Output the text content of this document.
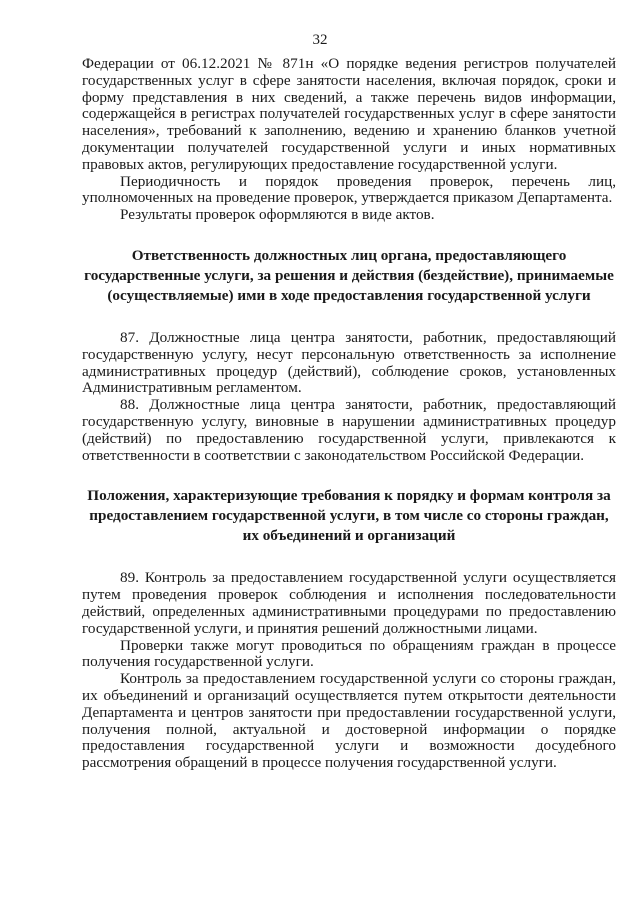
32

Федерации от 06.12.2021 № 871н «О порядке ведения регистров получателей государственных услуг в сфере занятости населения, включая порядок, сроки и форму представления в них сведений, а также перечень видов информации, содержащейся в регистрах получателей государственных услуг в сфере занятости населения», требований к заполнению, ведению и хранению бланков учетной документации получателей государственной услуги и иных нормативных правовых актов, регулирующих предоставление государственной услуги.

Периодичность и порядок проведения проверок, перечень лиц, уполномоченных на проведение проверок, утверждается приказом Департамента.

Результаты проверок оформляются в виде актов.

Ответственность должностных лиц органа, предоставляющего государственные услуги, за решения и действия (бездействие), принимаемые (осуществляемые) ими в ходе предоставления государственной услуги

87. Должностные лица центра занятости, работник, предоставляющий государственную услугу, несут персональную ответственность за исполнение административных процедур (действий), соблюдение сроков, установленных Административным регламентом.

88. Должностные лица центра занятости, работник, предоставляющий государственную услугу, виновные в нарушении административных процедур (действий) по предоставлению государственной услуги, привлекаются к ответственности в соответствии с законодательством Российской Федерации.

Положения, характеризующие требования к порядку и формам контроля за предоставлением государственной услуги, в том числе со стороны граждан, их объединений и организаций

89. Контроль за предоставлением государственной услуги осуществляется путем проведения проверок соблюдения и исполнения последовательности действий, определенных административными процедурами по предоставлению государственной услуги, и принятия решений должностными лицами.

Проверки также могут проводиться по обращениям граждан в процессе получения государственной услуги.

Контроль за предоставлением государственной услуги со стороны граждан, их объединений и организаций осуществляется путем открытости деятельности Департамента и центров занятости при предоставлении государственной услуги, получения полной, актуальной и достоверной информации о порядке предоставления государственной услуги и возможности досудебного рассмотрения обращений в процессе получения государственной услуги.
